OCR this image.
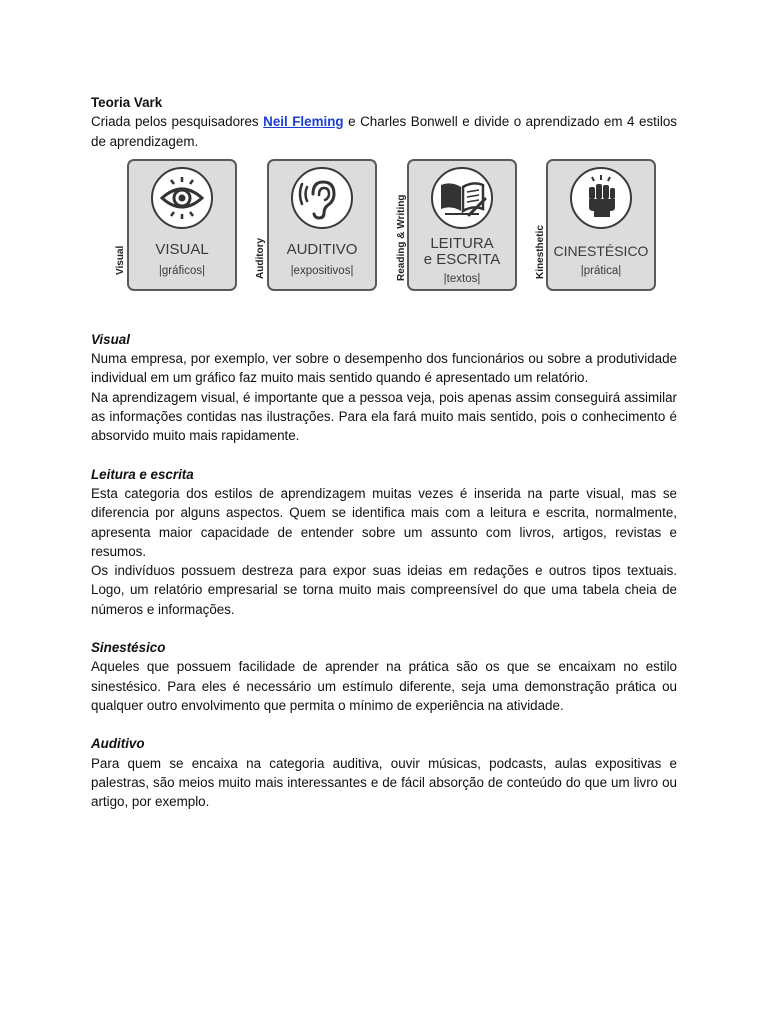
Teoria Vark

Criada pelos pesquisadores Neil Fleming e Charles Bonwell e divide o aprendizado em 4 estilos de aprendizagem.

Visual	VISUAL
|gráficos|	Auditory	AUDITIVO
|expositivos|	Reading & Writing	LEITURA
e ESCRITA
|textos|	Kinesthetic CINESTÉSICO
|prática|

Visual

Numa empresa, por exemplo, ver sobre o desempenho dos funcionários ou sobre a produtividade individual em um gráfico faz muito mais sentido quando é apresentado um relatório.

Na aprendizagem visual, é importante que a pessoa veja, pois apenas assim conseguirá assimilar as informações contidas nas ilustrações. Para ela fará muito mais sentido, pois o conhecimento é absorvido muito mais rapidamente.

Leitura e escrita

Esta categoria dos estilos de aprendizagem muitas vezes é inserida na parte visual, mas se diferencia por alguns aspectos. Quem se identifica mais com a leitura e escrita, normalmente, apresenta maior capacidade de entender sobre um assunto com livros, artigos, revistas e resumos.

Os indivíduos possuem destreza para expor suas ideias em redações e outros tipos textuais. Logo, um relatório empresarial se torna muito mais compreensível do que uma tabela cheia de números e informações.

Sinestésico

Aqueles que possuem facilidade de aprender na prática são os que se encaixam no estilo sinestésico. Para eles é necessário um estímulo diferente, seja uma demonstração prática ou qualquer outro envolvimento que permita o mínimo de experiência na atividade.

Auditivo

Para quem se encaixa na categoria auditiva, ouvir músicas, podcasts, aulas expositivas e palestras, são meios muito mais interessantes e de fácil absorção de conteúdo do que um livro ou artigo, por exemplo.
